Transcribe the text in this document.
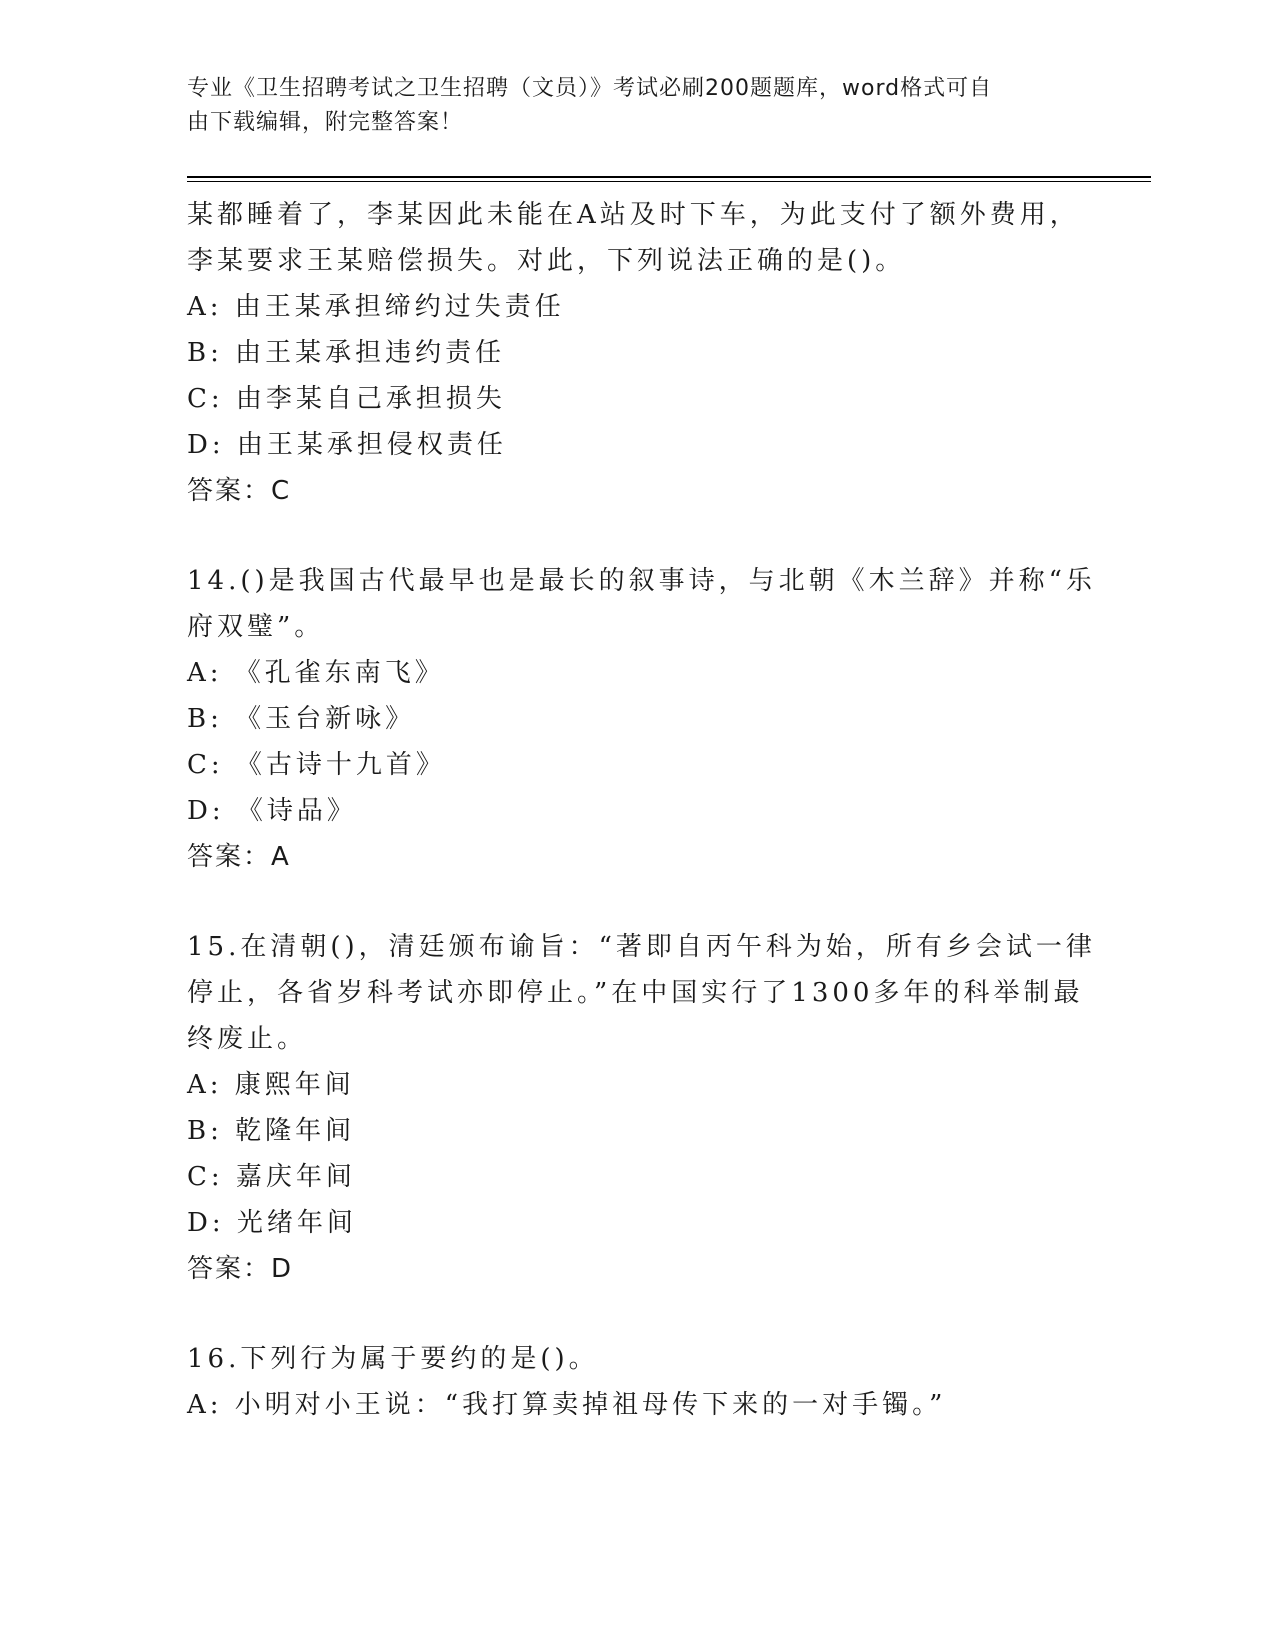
专业《卫生招聘考试之卫生招聘（文员）》考试必刷200题题库，word格式可自
由下载编辑，附完整答案！
某都睡着了，李某因此未能在A站及时下车，为此支付了额外费用，
李某要求王某赔偿损失。对此，下列说法正确的是()。
A: 由王某承担缔约过失责任
B: 由王某承担违约责任
C: 由李某自己承担损失
D: 由王某承担侵权责任
答案：C
14.()是我国古代最早也是最长的叙事诗，与北朝《木兰辞》并称“乐
府双璧”。
A: 《孔雀东南飞》
B: 《玉台新咏》
C: 《古诗十九首》
D: 《诗品》
答案：A
15.在清朝()，清廷颁布谕旨：“著即自丙午科为始，所有乡会试一律
停止，各省岁科考试亦即停止。”在中国实行了1300多年的科举制最
终废止。
A: 康熙年间
B: 乾隆年间
C: 嘉庆年间
D: 光绪年间
答案：D
16.下列行为属于要约的是()。
A: 小明对小王说：“我打算卖掉祖母传下来的一对手镯。”
